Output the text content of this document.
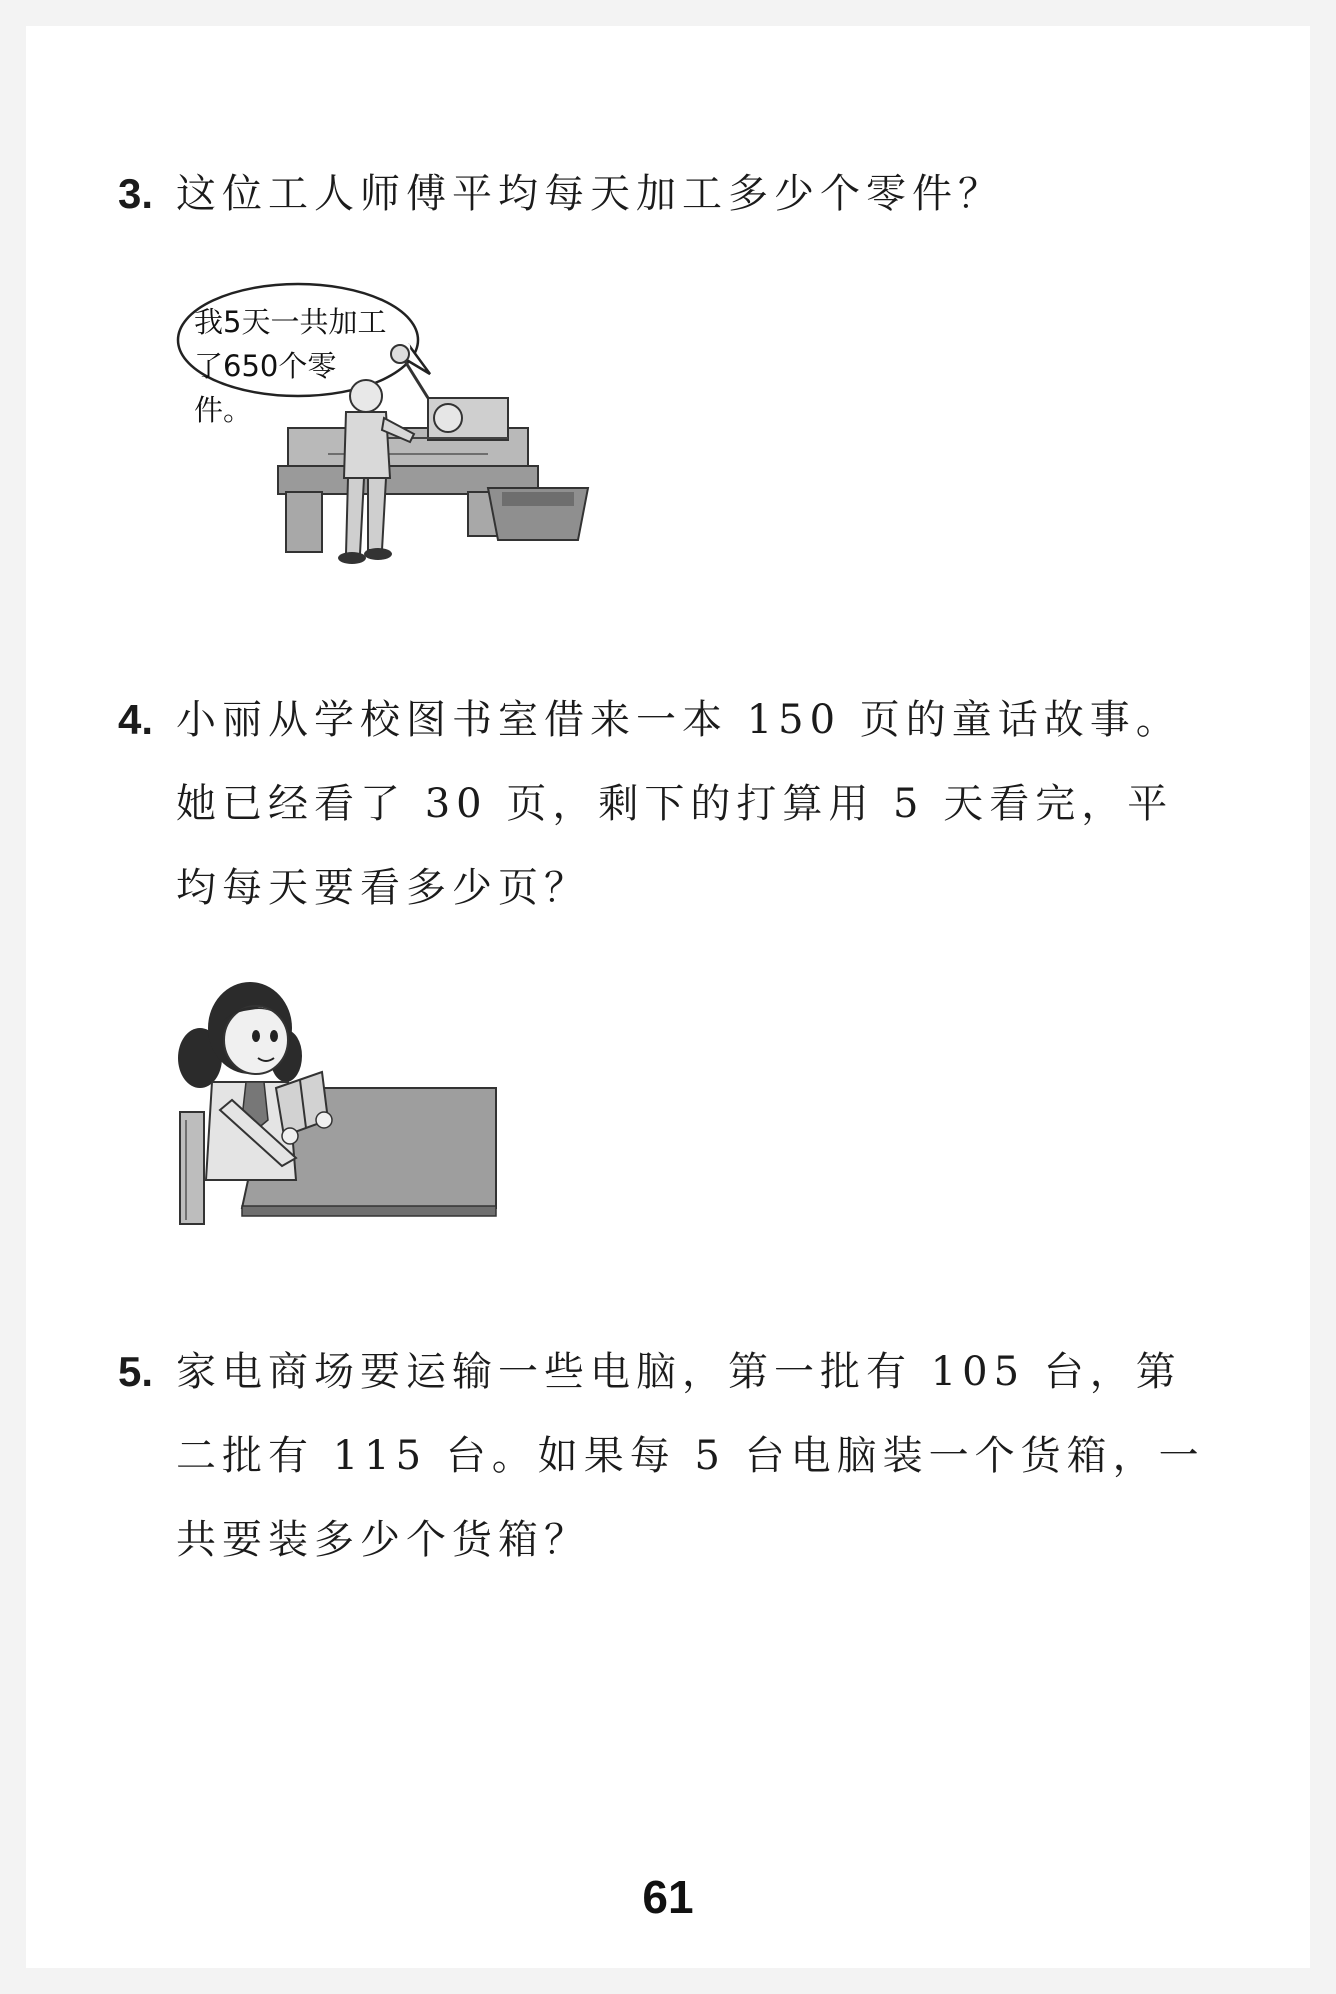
3. 这位工人师傅平均每天加工多少个零件？
我5天一共加工
了650个零件。
4. 小丽从学校图书室借来一本 150 页的童话故事。她已经看了 30 页，剩下的打算用 5 天看完，平均每天要看多少页？
5. 家电商场要运输一些电脑，第一批有 105 台，第二批有 115 台。如果每 5 台电脑装一个货箱，一共要装多少个货箱？
61
